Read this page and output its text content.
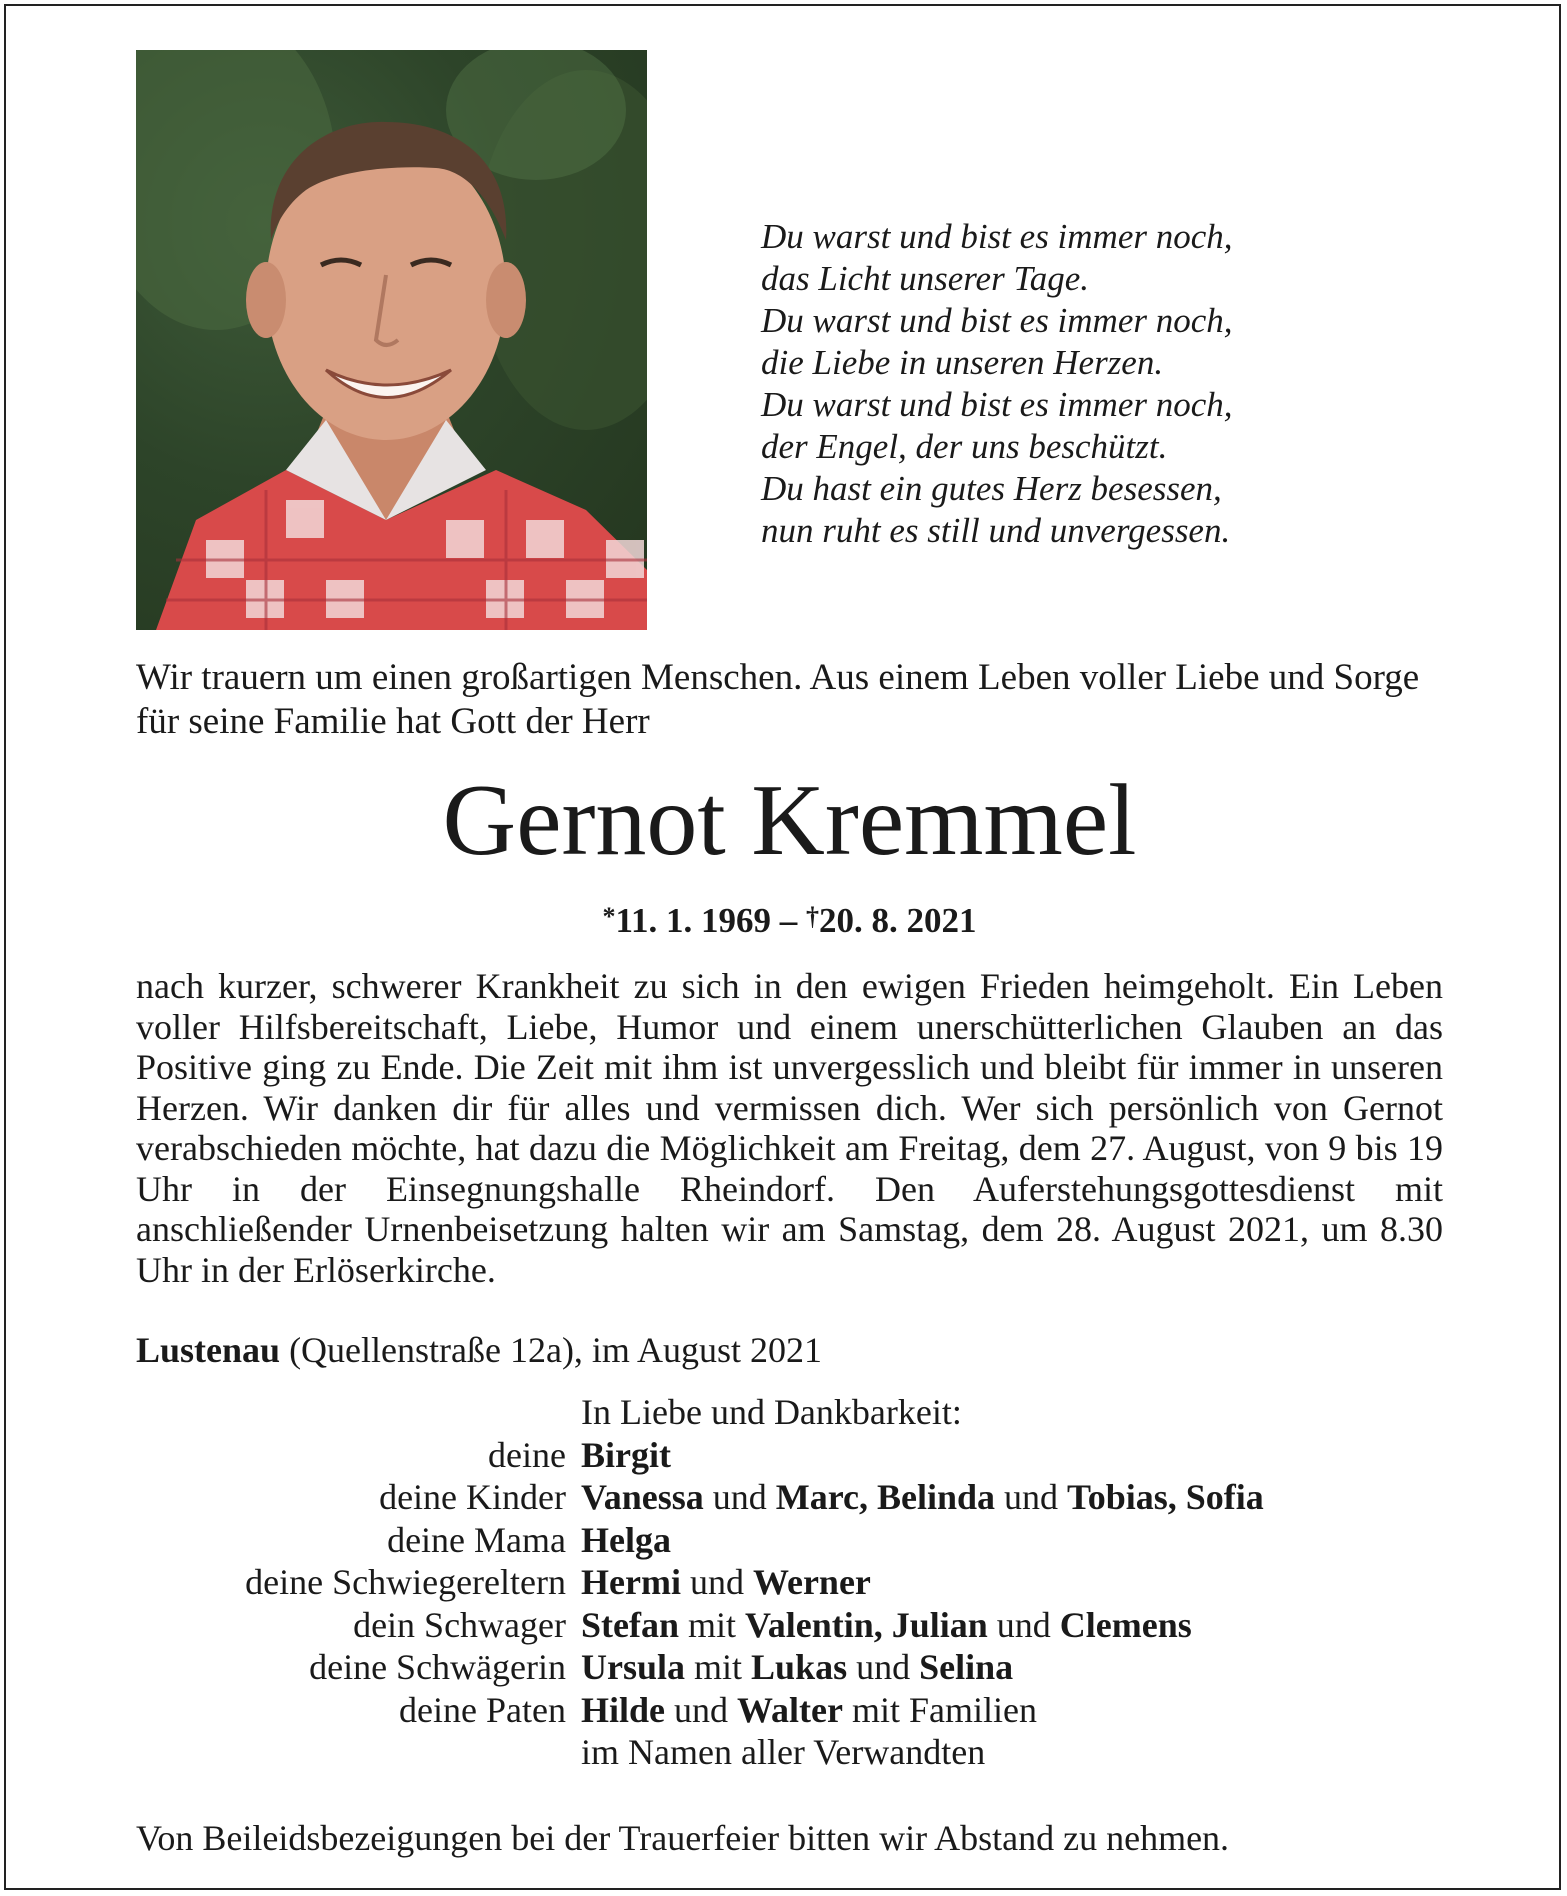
Du warst und bist es immer noch,
das Licht unserer Tage.
Du warst und bist es immer noch,
die Liebe in unseren Herzen.
Du warst und bist es immer noch,
der Engel, der uns beschützt.
Du hast ein gutes Herz besessen,
nun ruht es still und unvergessen.

Wir trauern um einen großartigen Menschen. Aus einem Leben voller Liebe und Sorge für seine Familie hat Gott der Herr

Gernot Kremmel

*11. 1. 1969 – †20. 8. 2021

nach kurzer, schwerer Krankheit zu sich in den ewigen Frieden heimgeholt. Ein Leben voller Hilfsbereitschaft, Liebe, Humor und einem unerschütterlichen Glauben an das Positive ging zu Ende. Die Zeit mit ihm ist unvergesslich und bleibt für immer in unseren Herzen. Wir danken dir für alles und vermissen dich. Wer sich persönlich von Gernot verabschieden möchte, hat dazu die Möglichkeit am Freitag, dem 27. August, von 9 bis 19 Uhr in der Einsegnungshalle Rheindorf. Den Auferstehungsgottesdienst mit anschließender Urnenbeisetzung halten wir am Samstag, dem 28. August 2021, um 8.30 Uhr in der Erlöserkirche.

Lustenau (Quellenstraße 12a), im August 2021

In Liebe und Dankbarkeit:
deine Birgit
deine Kinder Vanessa und Marc, Belinda und Tobias, Sofia
deine Mama Helga
deine Schwiegereltern Hermi und Werner
dein Schwager Stefan mit Valentin, Julian und Clemens
deine Schwägerin Ursula mit Lukas und Selina
deine Paten Hilde und Walter mit Familien
im Namen aller Verwandten

Von Beileidsbezeigungen bei der Trauerfeier bitten wir Abstand zu nehmen.
